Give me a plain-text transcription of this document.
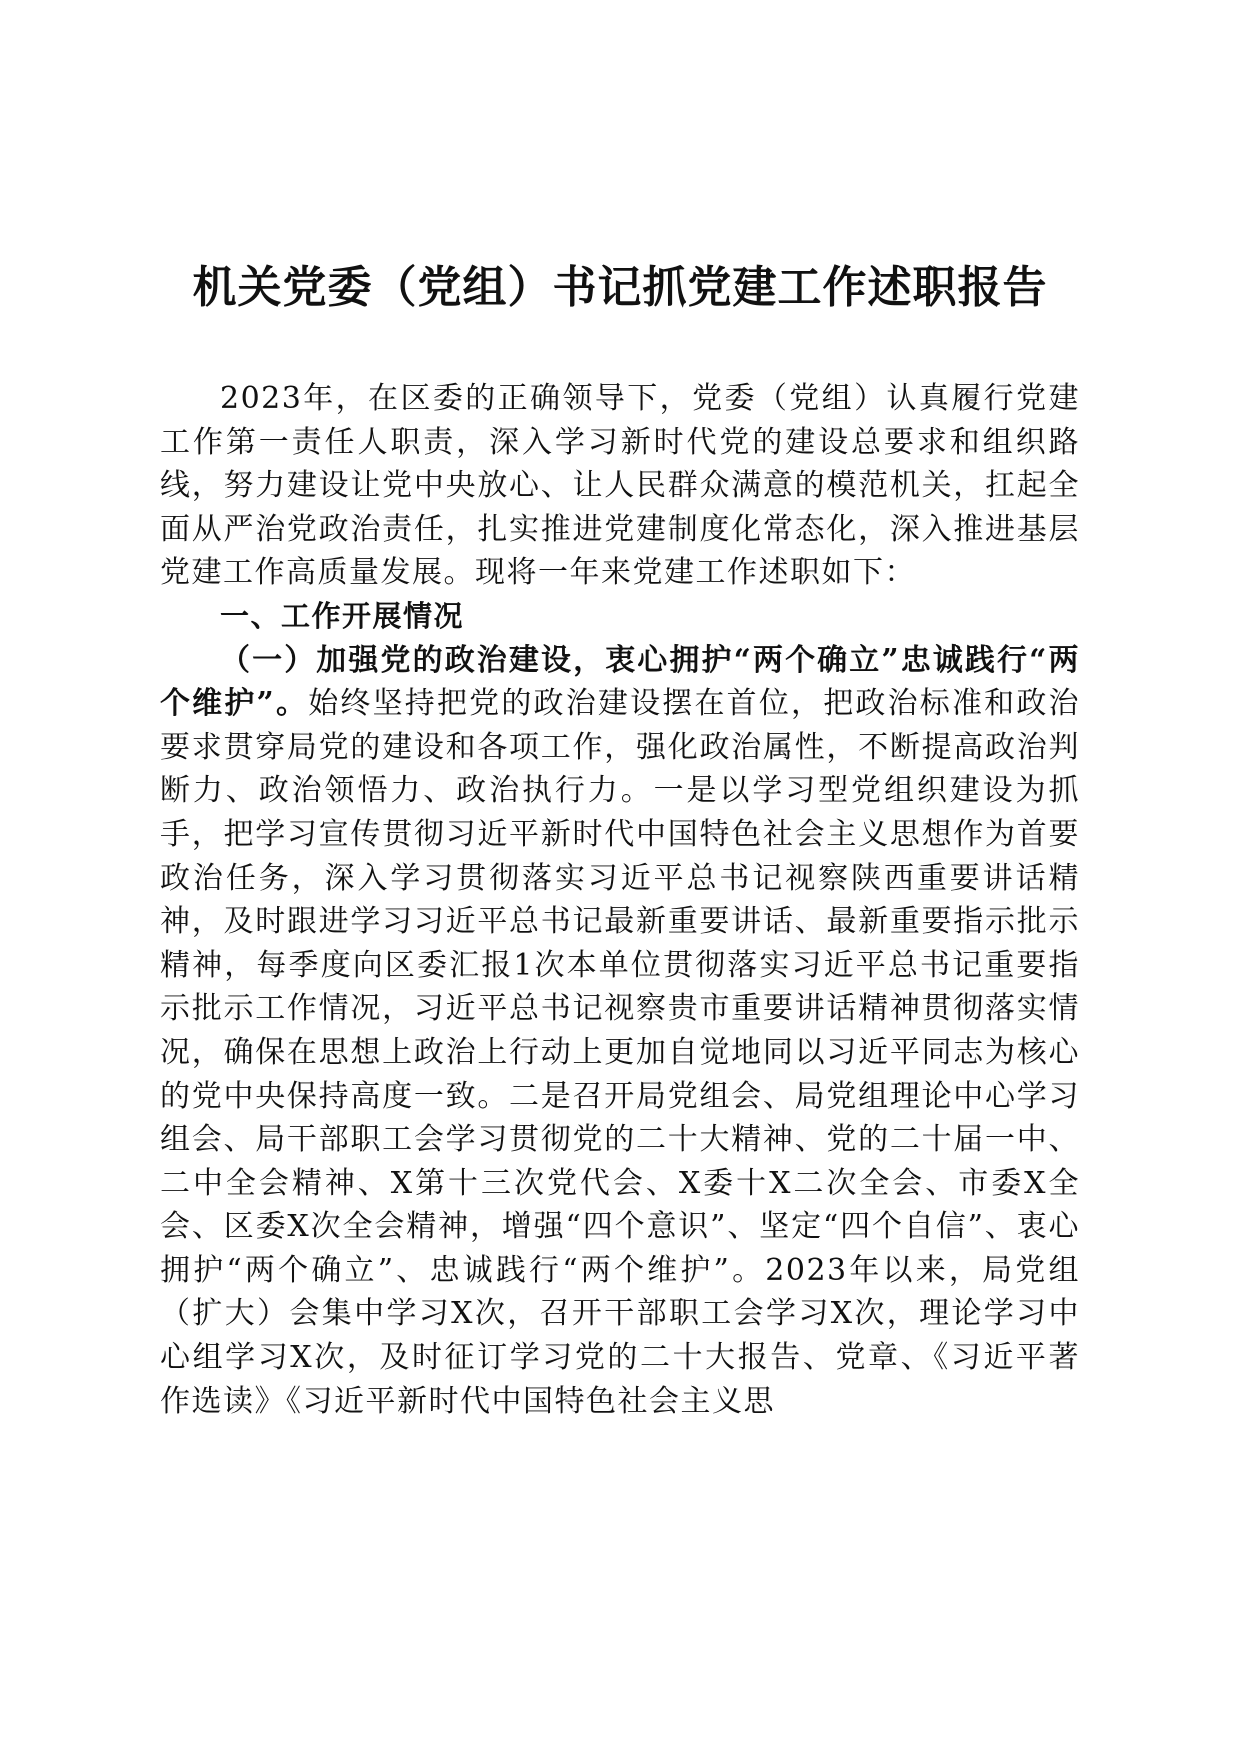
机关党委（党组）书记抓党建工作述职报告

2023年，在区委的正确领导下，党委（党组）认真履行党建工作第一责任人职责，深入学习新时代党的建设总要求和组织路线，努力建设让党中央放心、让人民群众满意的模范机关，扛起全面从严治党政治责任，扎实推进党建制度化常态化，深入推进基层党建工作高质量发展。现将一年来党建工作述职如下：

一、工作开展情况

（一）加强党的政治建设，衷心拥护“两个确立”忠诚践行“两个维护”。始终坚持把党的政治建设摆在首位，把政治标准和政治要求贯穿局党的建设和各项工作，强化政治属性，不断提高政治判断力、政治领悟力、政治执行力。一是以学习型党组织建设为抓手，把学习宣传贯彻习近平新时代中国特色社会主义思想作为首要政治任务，深入学习贯彻落实习近平总书记视察陕西重要讲话精神，及时跟进学习习近平总书记最新重要讲话、最新重要指示批示精神，每季度向区委汇报1次本单位贯彻落实习近平总书记重要指示批示工作情况，习近平总书记视察贵市重要讲话精神贯彻落实情况，确保在思想上政治上行动上更加自觉地同以习近平同志为核心的党中央保持高度一致。二是召开局党组会、局党组理论中心学习组会、局干部职工会学习贯彻党的二十大精神、党的二十届一中、二中全会精神、X第十三次党代会、X委十X二次全会、市委X全会、区委X次全会精神，增强“四个意识”、坚定“四个自信”、衷心拥护“两个确立”、忠诚践行“两个维护”。2023年以来，局党组（扩大）会集中学习X次，召开干部职工会学习X次，理论学习中心组学习X次，及时征订学习党的二十大报告、党章、《习近平著作选读》《习近平新时代中国特色社会主义思
